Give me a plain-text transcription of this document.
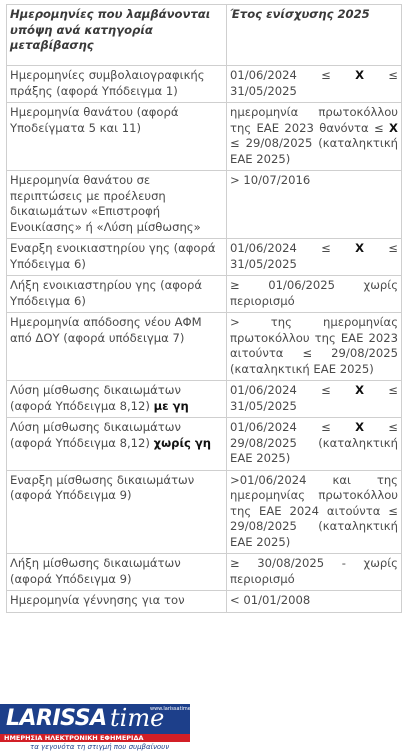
Ημερομηνίες που λαμβάνονται υπόψη ανά κατηγορία μεταβίβασης	Έτος ενίσχυσης 2025
Ημερομηνίες συμβολαιογραφικής πράξης (αφορά Υπόδειγμα 1)	01/06/2024 ≤ Χ ≤ 31/05/2025
Ημερομηνία θανάτου (αφορά Υποδείγματα 5 και 11)	ημερομηνία πρωτοκόλλου της ΕΑΕ 2023 θανόντα ≤ Χ ≤ 29/08/2025 (καταληκτική ΕΑΕ 2025)
Ημερομηνία θανάτου σε περιπτώσεις με προέλευση δικαιωμάτων «Επιστροφή Ενοικίασης» ή «Λύση μίσθωσης»	> 10/07/2016
Εναρξη ενοικιαστηρίου γης (αφορά Υπόδειγμα 6)	01/06/2024 ≤ Χ ≤ 31/05/2025
Λήξη ενοικιαστηρίου γης (αφορά Υπόδειγμα 6)	≥ 01/06/2025 χωρίς περιορισμό
Ημερομηνία απόδοσης νέου ΑΦΜ από ΔΟΥ (αφορά υπόδειγμα 7)	> της ημερομηνίας πρωτοκόλλου της ΕΑΕ 2023 αιτούντα ≤ 29/08/2025 (καταληκτική ΕΑΕ 2025)
Λύση μίσθωσης δικαιωμάτων (αφορά Υπόδειγμα 8,12) με γη	01/06/2024 ≤ Χ ≤ 31/05/2025
Λύση μίσθωσης δικαιωμάτων (αφορά Υπόδειγμα 8,12) χωρίς γη	01/06/2024 ≤ Χ ≤ 29/08/2025 (καταληκτική ΕΑΕ 2025)
Εναρξη μίσθωσης δικαιωμάτων (αφορά Υπόδειγμα 9)	>01/06/2024 και της ημερομηνίας πρωτοκόλλου της ΕΑΕ 2024 αιτούντα ≤ 29/08/2025 (καταληκτική ΕΑΕ 2025)
Λήξη μίσθωσης δικαιωμάτων (αφορά Υπόδειγμα 9)	≥ 30/08/2025 - χωρίς περιορισμό
Ημερομηνία γέννησης για τον	< 01/01/2008
LARISSA time
www.larissatime.gr
ΗΜΕΡΗΣΙΑ ΗΛΕΚΤΡΟΝΙΚΗ ΕΦΗΜΕΡΙΔΑ
τα γεγονότα τη στιγμή που συμβαίνουν
